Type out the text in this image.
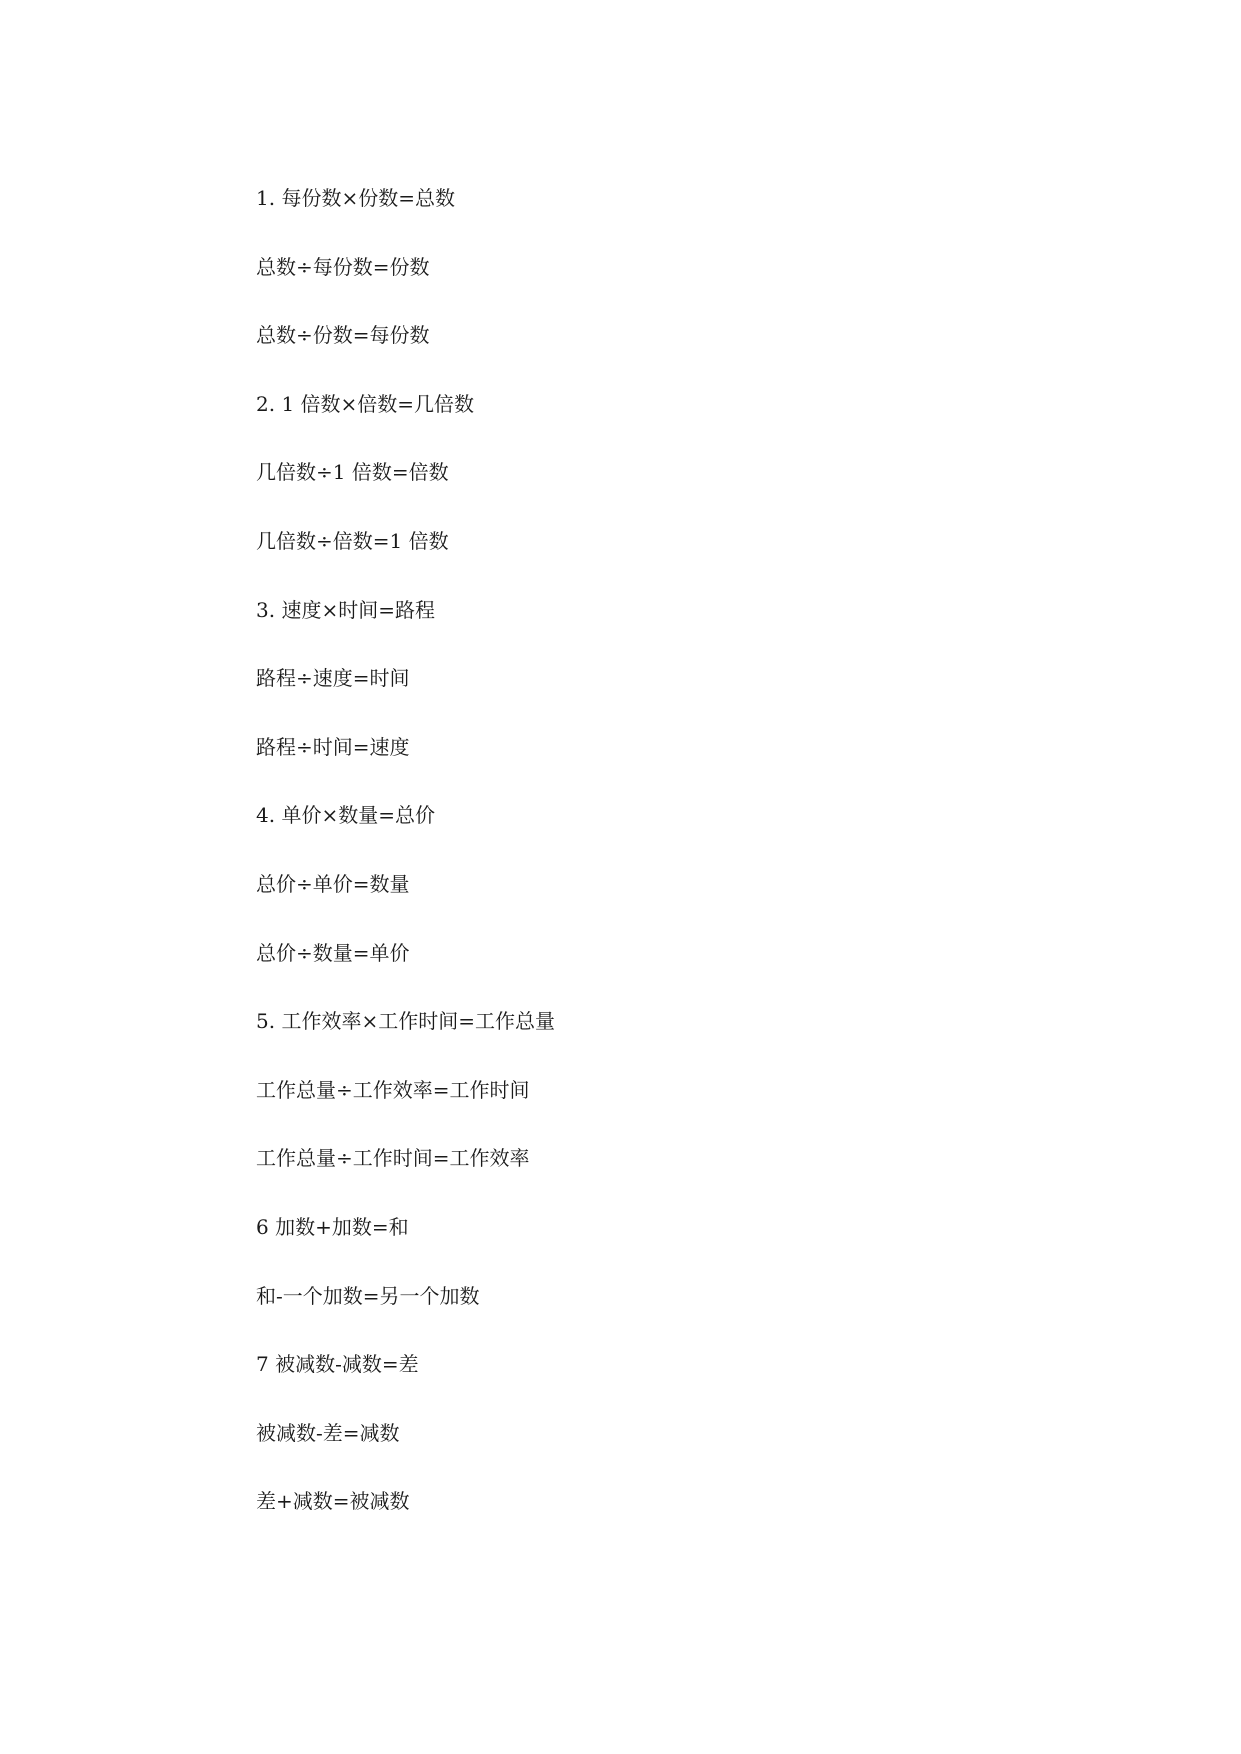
1. 每份数×份数=总数
总数÷每份数=份数
总数÷份数=每份数
2. 1 倍数×倍数=几倍数
几倍数÷1 倍数=倍数
几倍数÷倍数=1 倍数
3. 速度×时间=路程
路程÷速度=时间
路程÷时间=速度
4. 单价×数量=总价
总价÷单价=数量
总价÷数量=单价
5. 工作效率×工作时间=工作总量
工作总量÷工作效率=工作时间
工作总量÷工作时间=工作效率
6 加数+加数=和
和-一个加数=另一个加数
7 被减数-减数=差
被减数-差=减数
差+减数=被减数
